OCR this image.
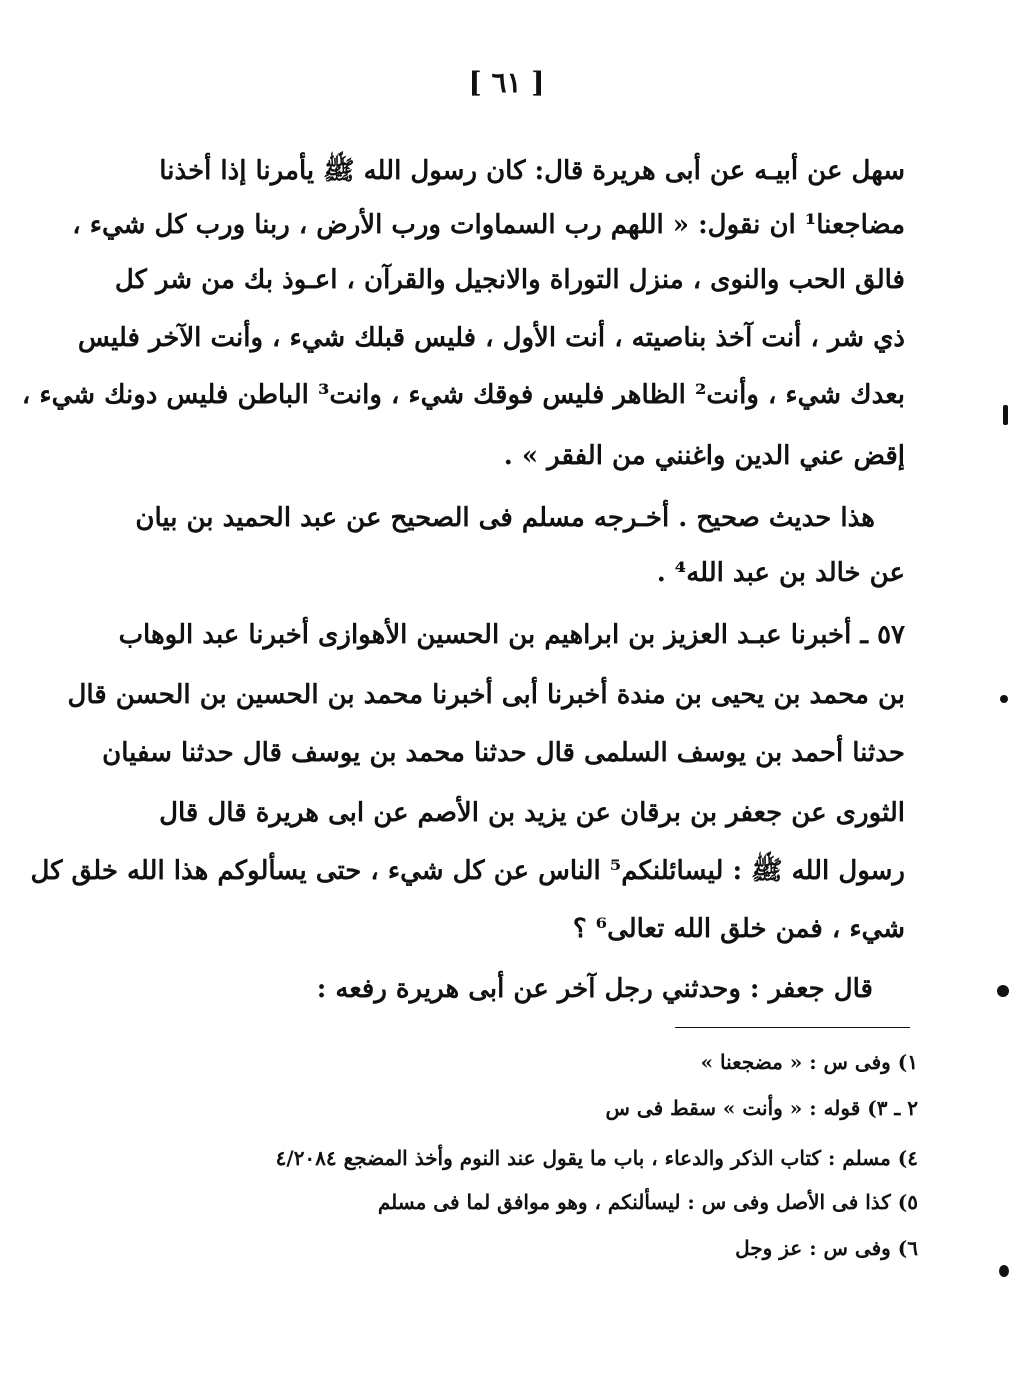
[ ٦١ ]
سهل عن أبيـه عن أبى هريرة قال: كان رسول الله ﷺ يأمرنا إذا أخذنا
مضاجعنا¹ ان نقول: « اللهم رب السماوات ورب الأرض ، ربنا ورب كل شيء ،
فالق الحب والنوى ، منزل التوراة والانجيل والقرآن ، اعـوذ بك من شر كل
ذي شر ، أنت آخذ بناصيته ، أنت الأول ، فليس قبلك شيء ، وأنت الآخر فليس
بعدك شيء ، وأنت² الظاهر فليس فوقك شيء ، وانت³ الباطن فليس دونك شيء ،
إقض عني الدين واغنني من الفقر » .
هذا حديث صحيح . أخـرجه مسلم فى الصحيح عن عبد الحميد بن بيان
عن خالد بن عبد الله⁴ .
٥٧ ـ أخبرنا عبـد العزيز بن ابراهيم بن الحسين الأهوازى أخبرنا عبد الوهاب
بن محمد بن يحيى بن مندة أخبرنا أبى أخبرنا محمد بن الحسين بن الحسن قال
حدثنا أحمد بن يوسف السلمى قال حدثنا محمد بن يوسف قال حدثنا سفيان
الثورى عن جعفر بن برقان عن يزيد بن الأصم عن ابى هريرة قال قال
رسول الله ﷺ : ليسائلنكم⁵ الناس عن كل شيء ، حتى يسألوكم هذا الله خلق كل
شيء ، فمن خلق الله تعالى⁶ ؟
قال جعفر : وحدثني رجل آخر عن أبى هريرة رفعه :
١) وفى س : « مضجعنا »
٢ ـ ٣) قوله : « وأنت » سقط فى س
٤) مسلم : كتاب الذكر والدعاء ، باب ما يقول عند النوم وأخذ المضجع ٤/٢٠٨٤
٥) كذا فى الأصل وفى س : ليسألنكم ، وهو موافق لما فى مسلم
٦) وفى س : عز وجل
